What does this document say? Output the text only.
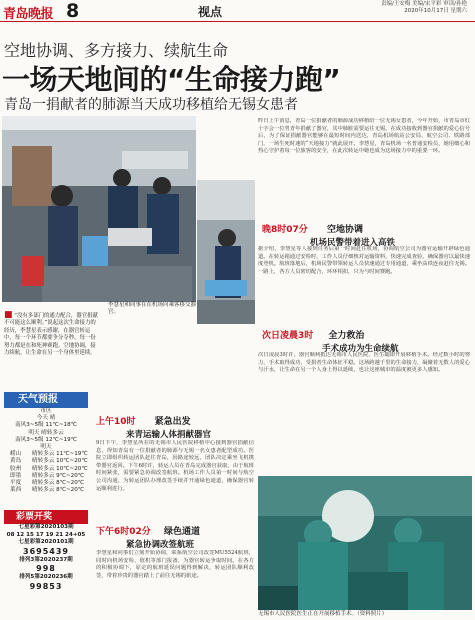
青岛晚报 8	视点
责编/王安梅 美编/宋平彩 审读/孙艳
2020年10月17日 星期六
空地协调、多方接力、续航生命
一场天地间的“生命接力跑”
青岛一捐献者的肺源当天成功移植给无锡女患者
李慧星和同事在在机场向乘客移交器官。
昨日上午消息，青岛一位捐献者的肺源成功移植给一位无锡女患者，今年开始，市青岛市红十字会一位男青年捐献了器官，其中肺脏需要运往无锡。在成功接收到器官捐献的爱心信号后，为了保证捐献器官能够在最短时间内送达，青岛机场航站公安局、航空公司、铁路部门，一场生死时速的“天地接力”就此展开。李慧星，青岛机场一名普通安检员，她用细心和热心守护着每一位旅客的安全，在此次转运中她也成为这场接力中的重要一环。
晚8时07分 空地协调
机场民警带着进入高铁
据介绍，李慧星等人接到任务后第一时间赶往机场，协调航空公司为器官运输开辟绿色通道。在转运箱通过安检时，工作人员仔细核对运输资料，快速完成查验，确保器官以最快速度登机。航班落地后，机场民警带领转运人员快速通过专用通道，乘坐高铁连夜赶往无锡。一路上，各方人员密切配合，环环相扣，只为与时间赛跑。
次日凌晨3时 全力救治
手术成功为生命续航
次日凌晨3时许，器官顺利抵达无锡市人民医院，医生随即开展移植手术。经过数小时的努力，手术取得成功，受捐者生命体征平稳。这场跨越千里的生命接力，凝聚着无数人的爱心与汗水，让生命在另一个人身上得以延续，也让这座城市的温度被更多人感知。
无锡市人民医院医生正在开展移植手术。（资料照片）
■ “没有多部门的通力配合，器官捐献不可能这么顺利。”说起这次生命接力的经历，李慧星表示感谢，在器官转运中，每一个环节都要争分夺秒，每一份努力都是在和死神赛跑。空地协调，接力续航，让生命在另一个身体里延续。
上午10时 紧急出发
来青运输人体捐献器官
9日下午，李慧星所在的无锡市人民医院移植中心接到器官捐献信息，得知青岛有一位捐献者的肺源与无锡一名女患者配型成功。医院立即组织转运团队赶往青岛，因路途较远，团队决定乘坐飞机携带器官返回。下午6时许，转运人员在青岛完成器官获取，由于航班时间紧张，需要紧急协调改签航班。机场工作人员第一时间与航空公司沟通，为转运团队办理改签手续并开通绿色通道，确保器官转运顺利进行。
下午6时02分 绿色通道
紧急协调改签航班
李慧星和同事们立刻开始协调，联系航空公司改签MU5524航班，同时向机场安检、值机等部门报备，为器官转运争取时间。在各方的积极协调下，原定的航班延误问题得到解决，转运团队顺利改签，带着珍贵的器官踏上了前往无锡的旅途。
天气预报
市区
今天 晴
南风3~5级 11℃~18℃
明天 晴转多云
南风3~5级 12℃~19℃
明天
崂山	晴转多云 11℃~19℃
黄岛	晴转多云 10℃~20℃
胶州	晴转多云 10℃~20℃
即墨	晴转多云 9℃~20℃
平度	晴转多云 8℃~20℃
莱西	晴转多云 8℃~20℃
彩票开奖
七星彩第2020103期
08 12 15 17 19 21 24+05
七星彩第2020101期
3695439
排列3第2020237期
998
排列5第2020236期
99853
